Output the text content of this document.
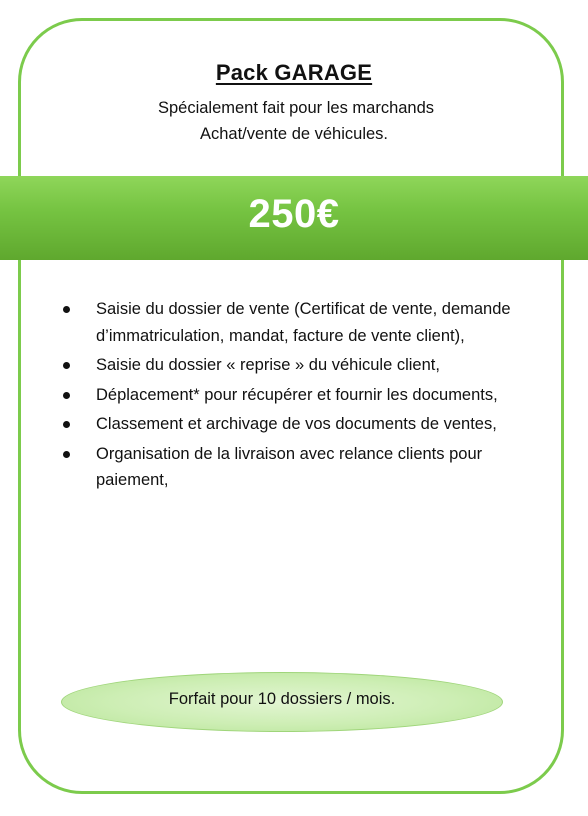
Pack GARAGE
Spécialement fait pour les marchands
Achat/vente de véhicules.
250€
Saisie du dossier de vente (Certificat de vente, demande d’immatriculation, mandat, facture de vente client),
Saisie du dossier « reprise » du véhicule client,
Déplacement* pour récupérer et fournir les documents,
Classement et archivage de vos documents de ventes,
Organisation de la livraison avec relance clients pour paiement,
Forfait pour 10 dossiers / mois.
